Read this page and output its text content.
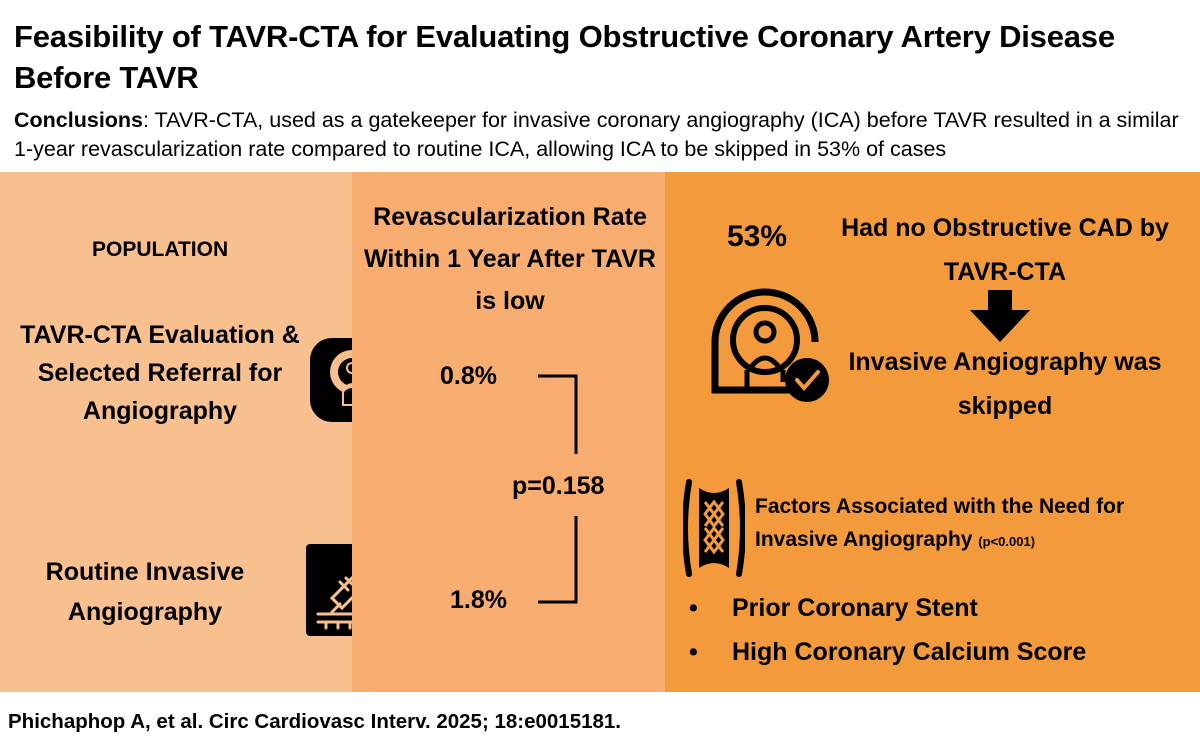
Feasibility of TAVR-CTA for Evaluating Obstructive Coronary Artery Disease Before TAVR
Conclusions: TAVR-CTA, used as a gatekeeper for invasive coronary angiography (ICA) before TAVR resulted in a similar 1-year revascularization rate compared to routine ICA, allowing ICA to be skipped in 53% of cases
POPULATION
TAVR-CTA Evaluation & Selected Referral for Angiography
Routine Invasive Angiography
Revascularization Rate Within 1 Year After TAVR is low
0.8%
p=0.158
1.8%
53% Had no Obstructive CAD by TAVR-CTA
Invasive Angiography was skipped
Factors Associated with the Need for Invasive Angiography (p<0.001)
• Prior Coronary Stent
• High Coronary Calcium Score
Phichaphop A, et al. Circ Cardiovasc Interv. 2025; 18:e0015181.
